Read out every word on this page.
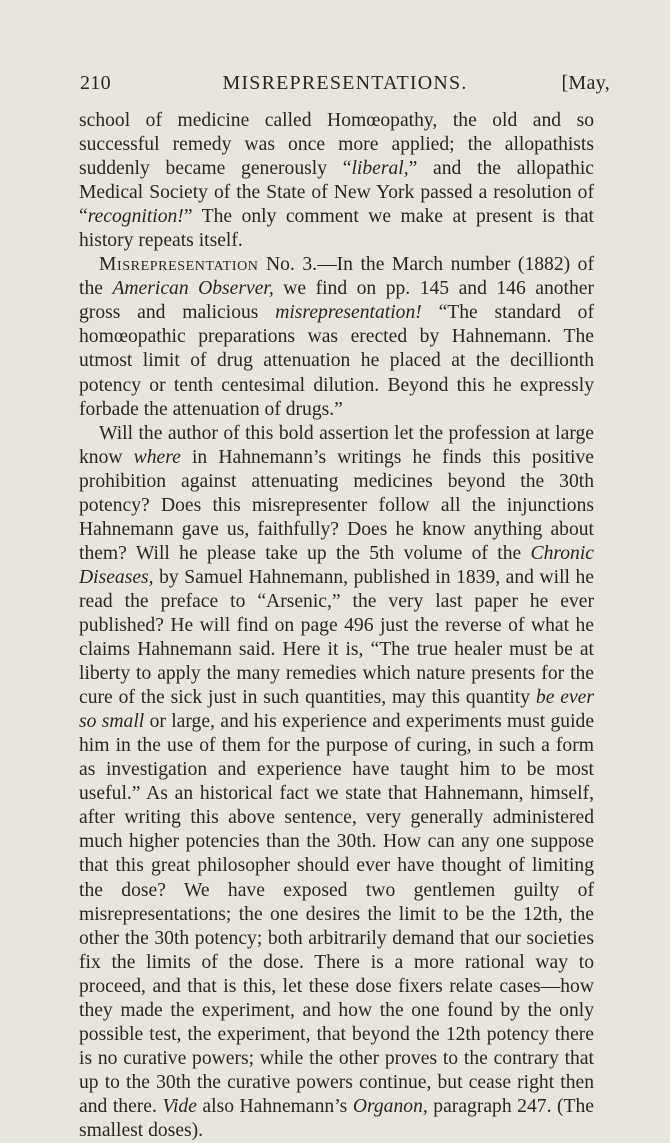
210	MISREPRESENTATIONS.	[May,

school of medicine called Homœopathy, the old and so successful remedy was once more applied; the allopathists suddenly became generously “liberal,” and the allopathic Medical Society of the State of New York passed a resolution of “recognition!” The only comment we make at present is that history repeats itself.

Misrepresentation No. 3.—In the March number (1882) of the American Observer, we find on pp. 145 and 146 another gross and malicious misrepresentation! “The standard of homœopathic preparations was erected by Hahnemann. The utmost limit of drug attenuation he placed at the decillionth potency or tenth centesimal dilution. Beyond this he expressly forbade the attenuation of drugs.”

Will the author of this bold assertion let the profession at large know where in Hahnemann’s writings he finds this positive prohibition against attenuating medicines beyond the 30th potency? Does this misrepresenter follow all the injunctions Hahnemann gave us, faithfully? Does he know anything about them? Will he please take up the 5th volume of the Chronic Diseases, by Samuel Hahnemann, published in 1839, and will he read the preface to “Arsenic,” the very last paper he ever published? He will find on page 496 just the reverse of what he claims Hahnemann said. Here it is, “The true healer must be at liberty to apply the many remedies which nature presents for the cure of the sick just in such quantities, may this quantity be ever so small or large, and his experience and experiments must guide him in the use of them for the purpose of curing, in such a form as investigation and experience have taught him to be most useful.” As an historical fact we state that Hahnemann, himself, after writing this above sentence, very generally administered much higher potencies than the 30th. How can any one suppose that this great philosopher should ever have thought of limiting the dose? We have exposed two gentlemen guilty of misrepresentations; the one desires the limit to be the 12th, the other the 30th potency; both arbitrarily demand that our societies fix the limits of the dose. There is a more rational way to proceed, and that is this, let these dose fixers relate cases—how they made the experiment, and how the one found by the only possible test, the experiment, that beyond the 12th potency there is no curative powers; while the other proves to the contrary that up to the 30th the curative powers continue, but cease right then and there. Vide also Hahnemann’s Organon, paragraph 247. (The smallest doses).
